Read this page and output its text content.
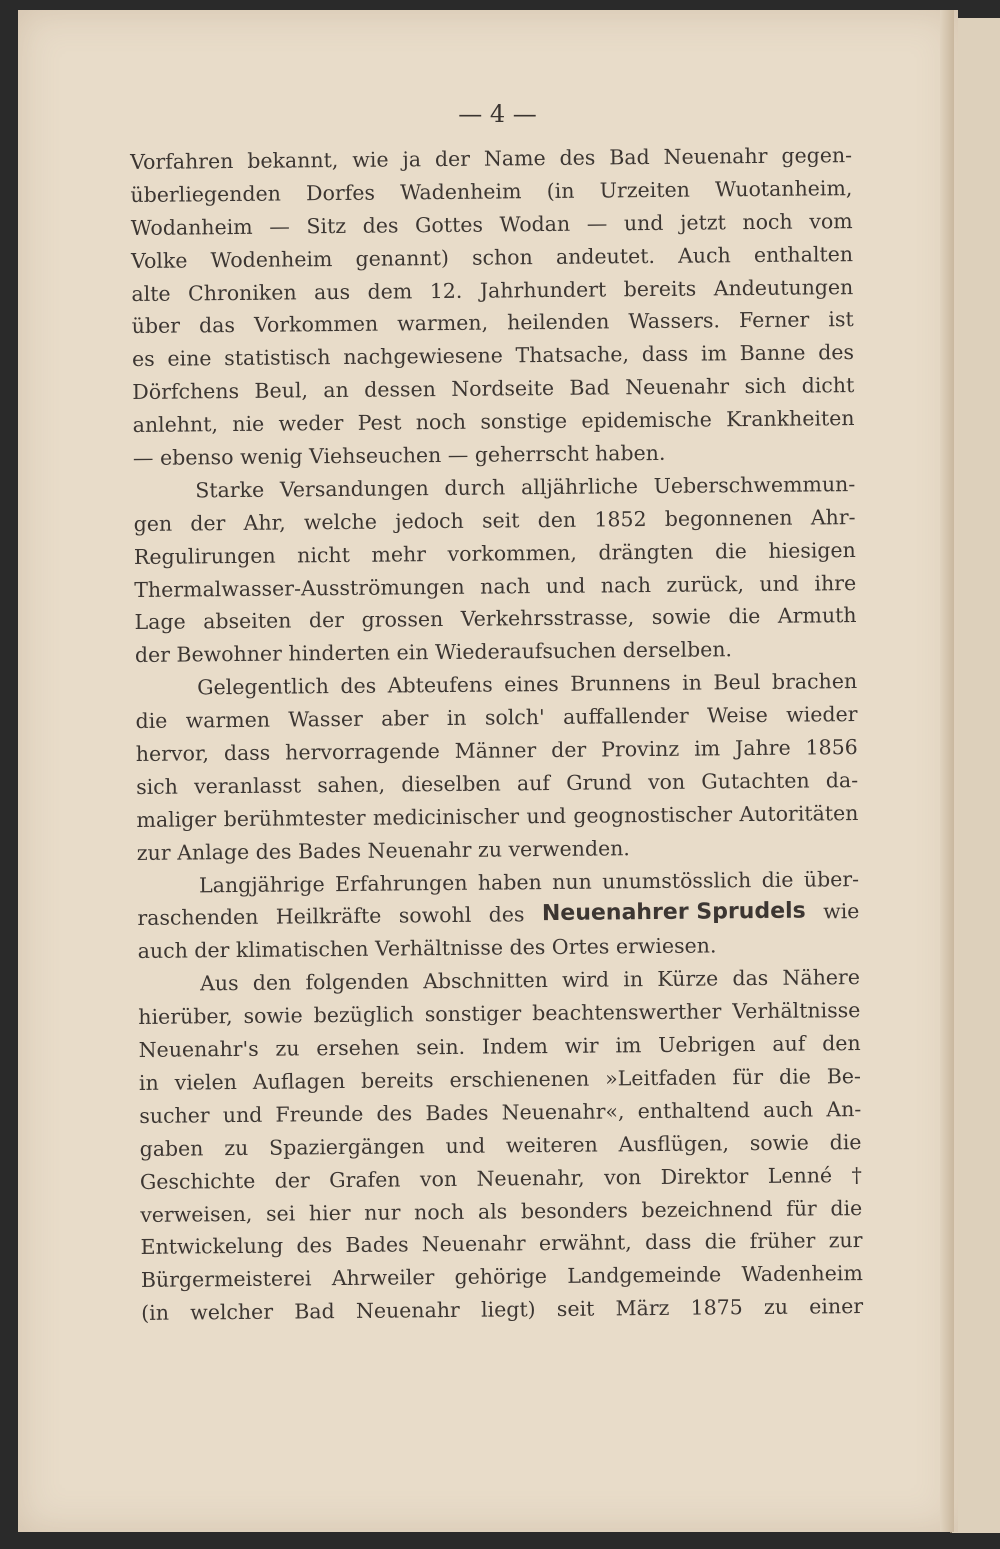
— 4 —
Vorfahren bekannt, wie ja der Name des Bad Neuenahr gegen-
überliegenden Dorfes Wadenheim (in Urzeiten Wuotanheim,
Wodanheim — Sitz des Gottes Wodan — und jetzt noch vom
Volke Wodenheim genannt) schon andeutet. Auch enthalten
alte Chroniken aus dem 12. Jahrhundert bereits Andeutungen
über das Vorkommen warmen, heilenden Wassers. Ferner ist
es eine statistisch nachgewiesene Thatsache, dass im Banne des
Dörfchens Beul, an dessen Nordseite Bad Neuenahr sich dicht
anlehnt, nie weder Pest noch sonstige epidemische Krankheiten
—
ebenso
wenig
Viehseuchen
—
geherrscht
haben.

Starke Versandungen durch alljährliche Ueberschwemmun-
gen der Ahr, welche jedoch seit den 1852 begonnenen Ahr-
Regulirungen nicht mehr vorkommen, drängten die hiesigen
Thermalwasser-Ausströmungen nach und nach zurück, und ihre
Lage abseiten der grossen Verkehrsstrasse, sowie die Armuth
der
Bewohner
hinderten
ein
Wiederaufsuchen
derselben.

Gelegentlich des Abteufens eines Brunnens in Beul brachen
die warmen Wasser aber in solch' auffallender Weise wieder
hervor, dass hervorragende Männer der Provinz im Jahre 1856
sich veranlasst sahen, dieselben auf Grund von Gutachten da-
maliger berühmtester medicinischer und geognostischer Autoritäten
zur
Anlage
des
Bades
Neuenahr
zu
verwenden.

Langjährige Erfahrungen haben nun unumstösslich die über-
raschenden Heilkräfte sowohl des Neuenahrer Sprudels wie
auch
der
klimatischen
Verhältnisse
des
Ortes
erwiesen.

Aus den folgenden Abschnitten wird in Kürze das Nähere
hierüber, sowie bezüglich sonstiger beachtenswerther Verhältnisse
Neuenahr's zu ersehen sein. Indem wir im Uebrigen auf den
in vielen Auflagen bereits erschienenen »Leitfaden für die Be-
sucher und Freunde des Bades Neuenahr«, enthaltend auch An-
gaben zu Spaziergängen und weiteren Ausflügen, sowie die
Geschichte der Grafen von Neuenahr, von Direktor Lenné †
verweisen, sei hier nur noch als besonders bezeichnend für die
Entwickelung des Bades Neuenahr erwähnt, dass die früher zur
Bürgermeisterei Ahrweiler gehörige Landgemeinde Wadenheim
(in welcher Bad Neuenahr liegt) seit März 1875 zu einer
